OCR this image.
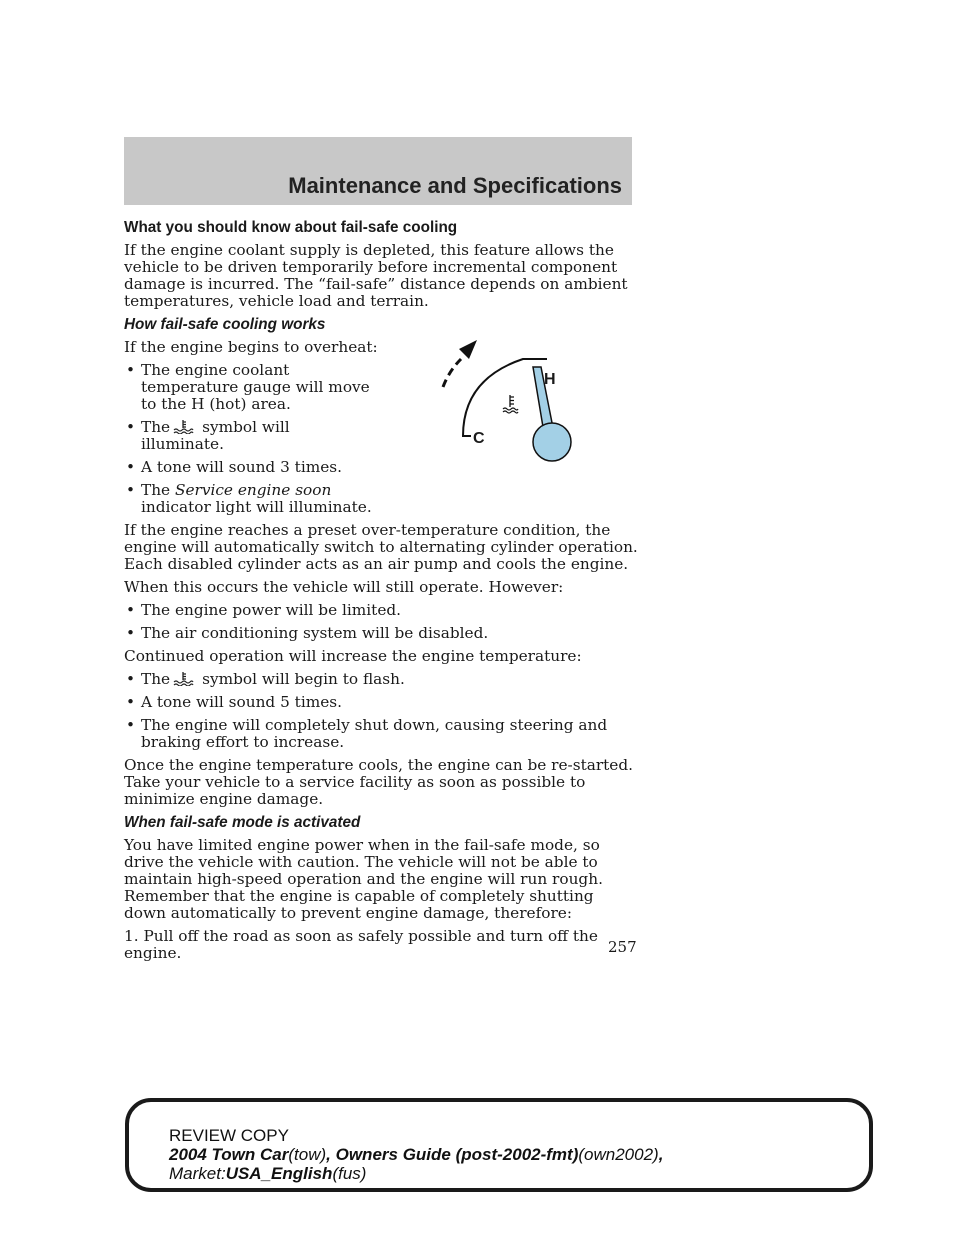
Maintenance and Specifications
What you should know about fail-safe cooling

If the engine coolant supply is depleted, this feature allows the vehicle to be driven temporarily before incremental component damage is incurred. The “fail-safe” distance depends on ambient temperatures, vehicle load and terrain.

How fail-safe cooling works

If the engine begins to overheat:

• The engine coolant temperature gauge will move to the H (hot) area.
• The symbol will illuminate.
• A tone will sound 3 times.
• The Service engine soon indicator light will illuminate.

If the engine reaches a preset over-temperature condition, the engine will automatically switch to alternating cylinder operation. Each disabled cylinder acts as an air pump and cools the engine.

When this occurs the vehicle will still operate. However:

• The engine power will be limited.
• The air conditioning system will be disabled.

Continued operation will increase the engine temperature:

• The symbol will begin to flash.
• A tone will sound 5 times.
• The engine will completely shut down, causing steering and braking effort to increase.

Once the engine temperature cools, the engine can be re-started. Take your vehicle to a service facility as soon as possible to minimize engine damage.

When fail-safe mode is activated

You have limited engine power when in the fail-safe mode, so drive the vehicle with caution. The vehicle will not be able to maintain high-speed operation and the engine will run rough. Remember that the engine is capable of completely shutting down automatically to prevent engine damage, therefore:

1. Pull off the road as soon as safely possible and turn off the engine.

H
C
257
REVIEW COPY
2004 Town Car(tow), Owners Guide (post-2002-fmt)(own2002),
Market:USA_English(fus)
